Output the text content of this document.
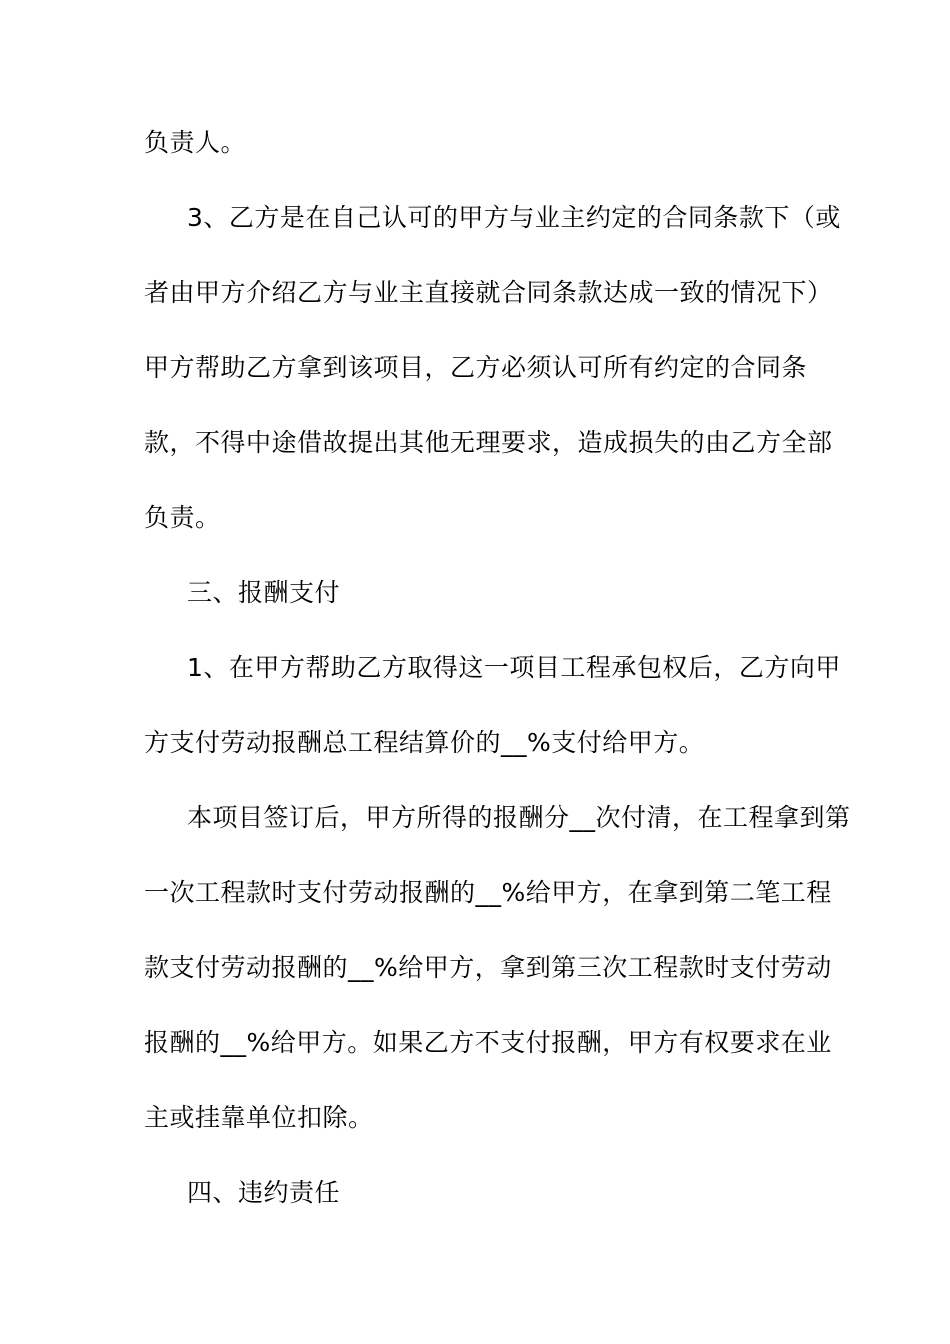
负责人。
3、乙方是在自己认可的甲方与业主约定的合同条款下（或
者由甲方介绍乙方与业主直接就合同条款达成一致的情况下）
甲方帮助乙方拿到该项目，乙方必须认可所有约定的合同条
款，不得中途借故提出其他无理要求，造成损失的由乙方全部
负责。
三、报酬支付
1、在甲方帮助乙方取得这一项目工程承包权后，乙方向甲
方支付劳动报酬总工程结算价的__%支付给甲方。
本项目签订后，甲方所得的报酬分__次付清，在工程拿到第
一次工程款时支付劳动报酬的__%给甲方，在拿到第二笔工程
款支付劳动报酬的__%给甲方，拿到第三次工程款时支付劳动
报酬的__%给甲方。如果乙方不支付报酬，甲方有权要求在业
主或挂靠单位扣除。
四、违约责任
